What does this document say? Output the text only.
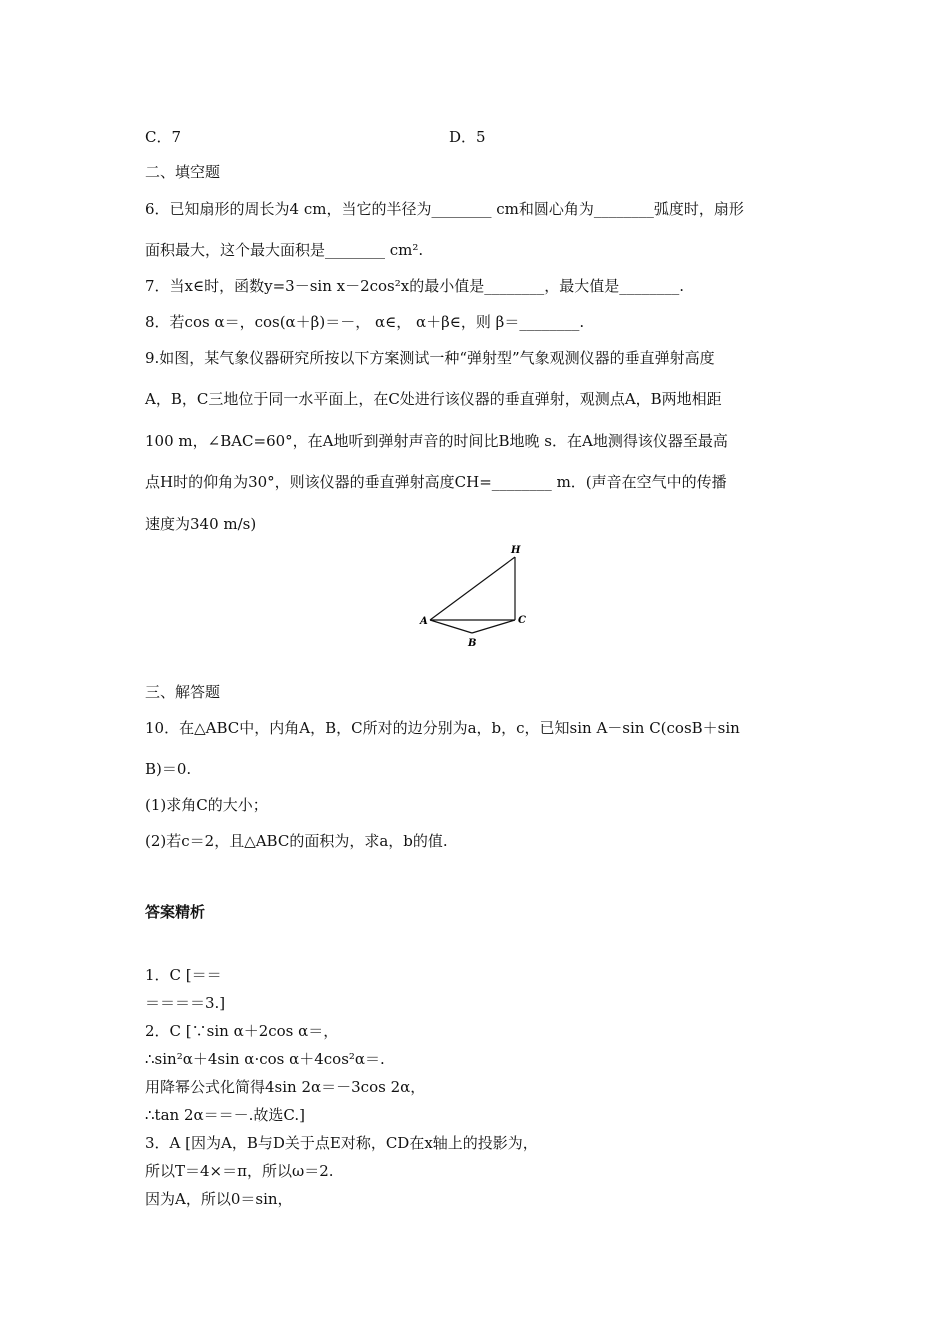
C．7	D．5
二、填空题
6．已知扇形的周长为4 cm，当它的半径为________ cm和圆心角为________弧度时，扇形
面积最大，这个最大面积是________ cm².
7．当x∈时，函数y=3－sin x－2cos²x的最小值是________，最大值是________.
8．若cos α＝，cos(α＋β)＝－， α∈， α＋β∈，则 β＝________.
9.如图，某气象仪器研究所按以下方案测试一种“弹射型”气象观测仪器的垂直弹射高度
A，B，C三地位于同一水平面上，在C处进行该仪器的垂直弹射，观测点A，B两地相距
100 m，∠BAC=60°，在A地听到弹射声音的时间比B地晚 s．在A地测得该仪器至最高
点H时的仰角为30°，则该仪器的垂直弹射高度CH=________ m．(声音在空气中的传播
速度为340 m/s)
H
A	C
B
三、解答题
10．在△ABC中，内角A，B，C所对的边分别为a，b，c，已知sin A－sin C(cosB＋sin
B)＝0.
(1)求角C的大小；
(2)若c＝2，且△ABC的面积为，求a，b的值.
答案精析
1．C [＝＝
＝＝＝＝3.]
2．C [∵sin α＋2cos α＝，
∴sin²α＋4sin α·cos α＋4cos²α＝.
用降幂公式化简得4sin 2α＝－3cos 2α，
∴tan 2α＝＝－.故选C.]
3．A [因为A，B与D关于点E对称，CD在x轴上的投影为，
所以T＝4×＝π，所以ω＝2.
因为A，所以0＝sin，
